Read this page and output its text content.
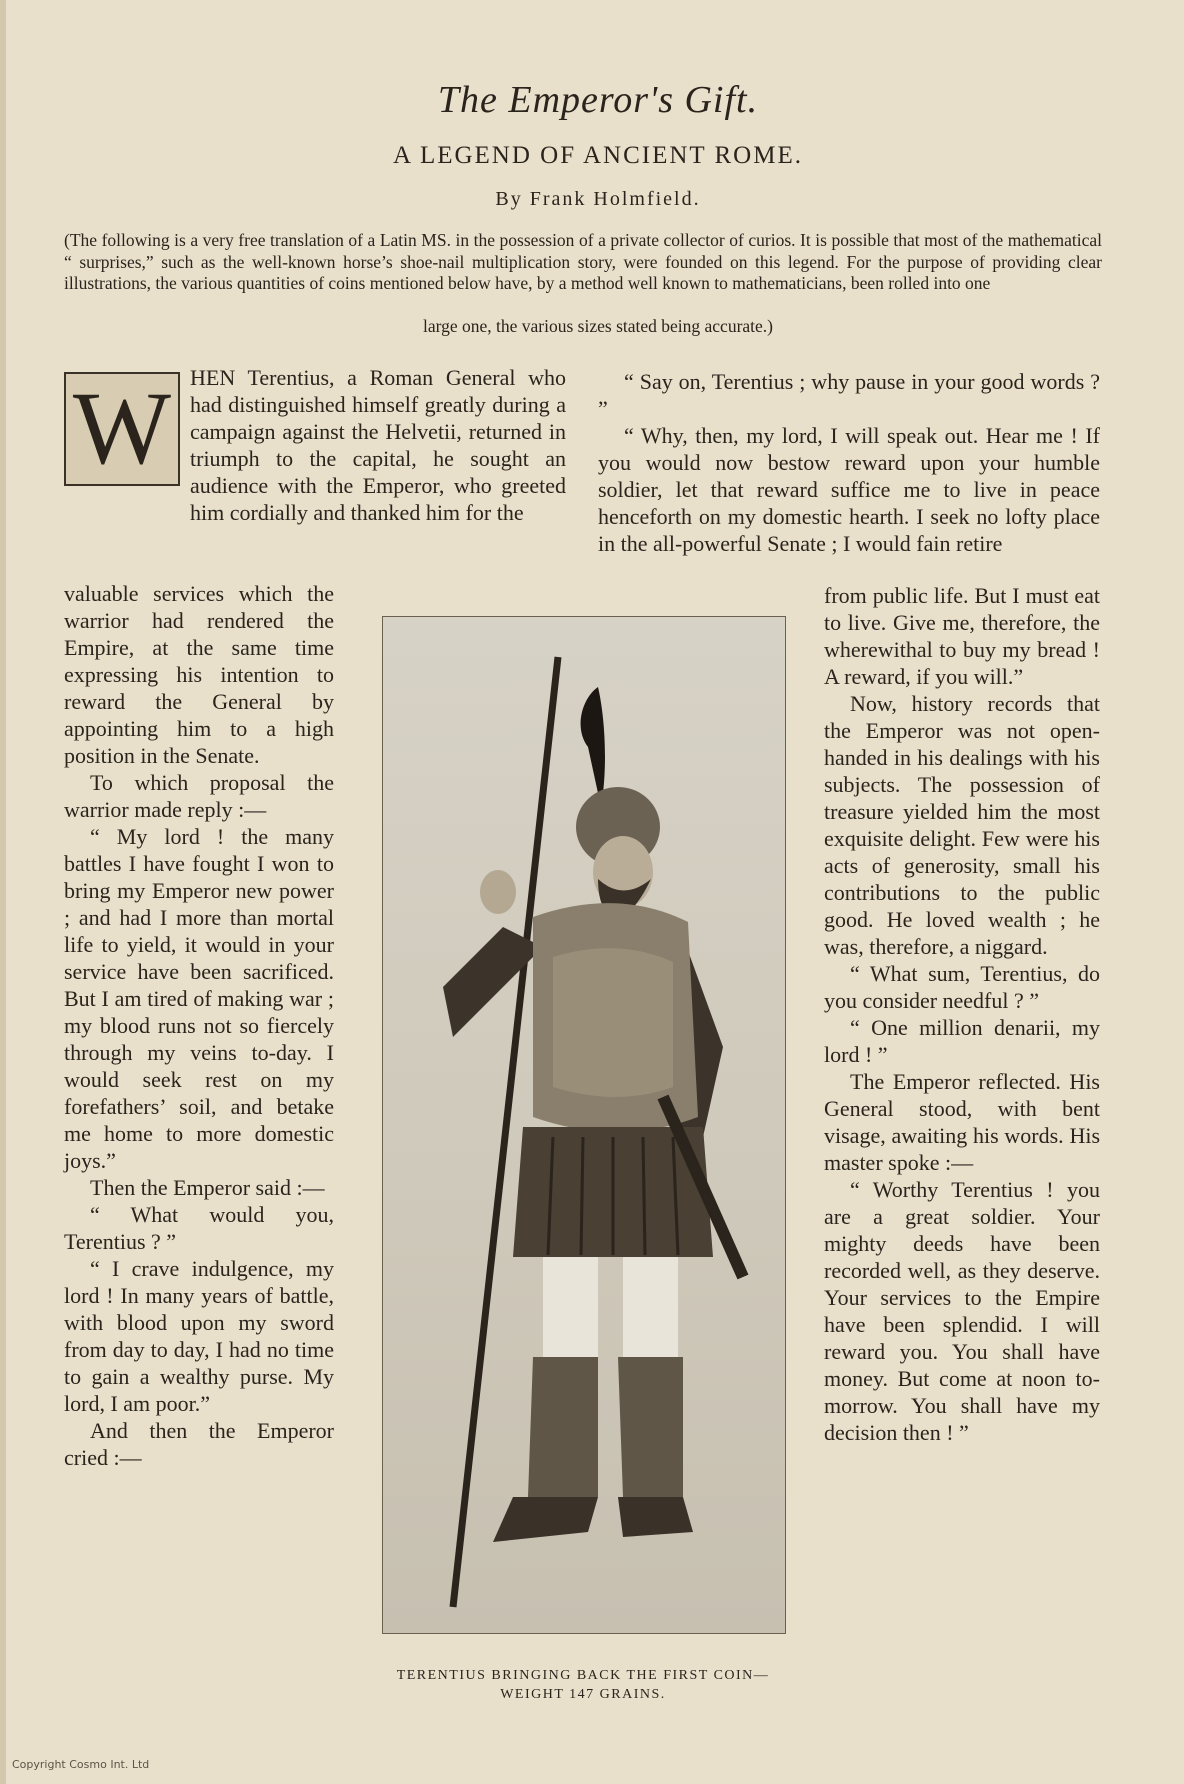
The Emperor's Gift.
A LEGEND OF ANCIENT ROME.
By Frank Holmfield.
(The following is a very free translation of a Latin MS. in the possession of a private collector of curios. It is possible that most of the mathematical “ surprises,” such as the well-known horse’s shoe-nail multiplication story, were founded on this legend. For the purpose of providing clear illustrations, the various quantities of coins mentioned below have, by a method well known to mathematicians, been rolled into one
large one, the various sizes stated being accurate.)
W HEN Terentius, a Roman General who had distinguished himself greatly during a campaign against the Helvetii, returned in triumph to the capital, he sought an audience with the Emperor, who greeted him cordially and thanked him for the

valuable services which the warrior had rendered the Empire, at the same time expressing his intention to reward the General by appointing him to a high position in the Senate.

To which proposal the warrior made reply :—

“ My lord ! the many battles I have fought I won to bring my Emperor new power ; and had I more than mortal life to yield, it would in your service have been sacrificed. But I am tired of making war ; my blood runs not so fiercely through my veins to-day. I would seek rest on my forefathers’ soil, and betake me home to more domestic joys.”

Then the Emperor said :—

“ What would you, Terentius ? ”

“ I crave indulgence, my lord ! In many years of battle, with blood upon my sword from day to day, I had no time to gain a wealthy purse. My lord, I am poor.”

And then the Emperor cried :—

“ Say on, Terentius ; why pause in your good words ? ”

“ Why, then, my lord, I will speak out. Hear me ! If you would now bestow reward upon your humble soldier, let that reward suffice me to live in peace henceforth on my domestic hearth. I seek no lofty place in the all-powerful Senate ; I would fain retire

from public life. But I must eat to live. Give me, therefore, the wherewithal to buy my bread ! A reward, if you will.”

Now, history records that the Emperor was not open-handed in his dealings with his subjects. The possession of treasure yielded him the most exquisite delight. Few were his acts of generosity, small his contributions to the public good. He loved wealth ; he was, therefore, a niggard.

“ What sum, Terentius, do you consider needful ? ”

“ One million denarii, my lord ! ”

The Emperor reflected. His General stood, with bent visage, awaiting his words. His master spoke :—

“ Worthy Terentius ! you are a great soldier. Your mighty deeds have been recorded well, as they deserve. Your services to the Empire have been splendid. I will reward you. You shall have money. But come at noon to-morrow. You shall have my decision then ! ”

TERENTIUS BRINGING BACK THE FIRST COIN—
WEIGHT 147 GRAINS.
Copyright Cosmo Int. Ltd
